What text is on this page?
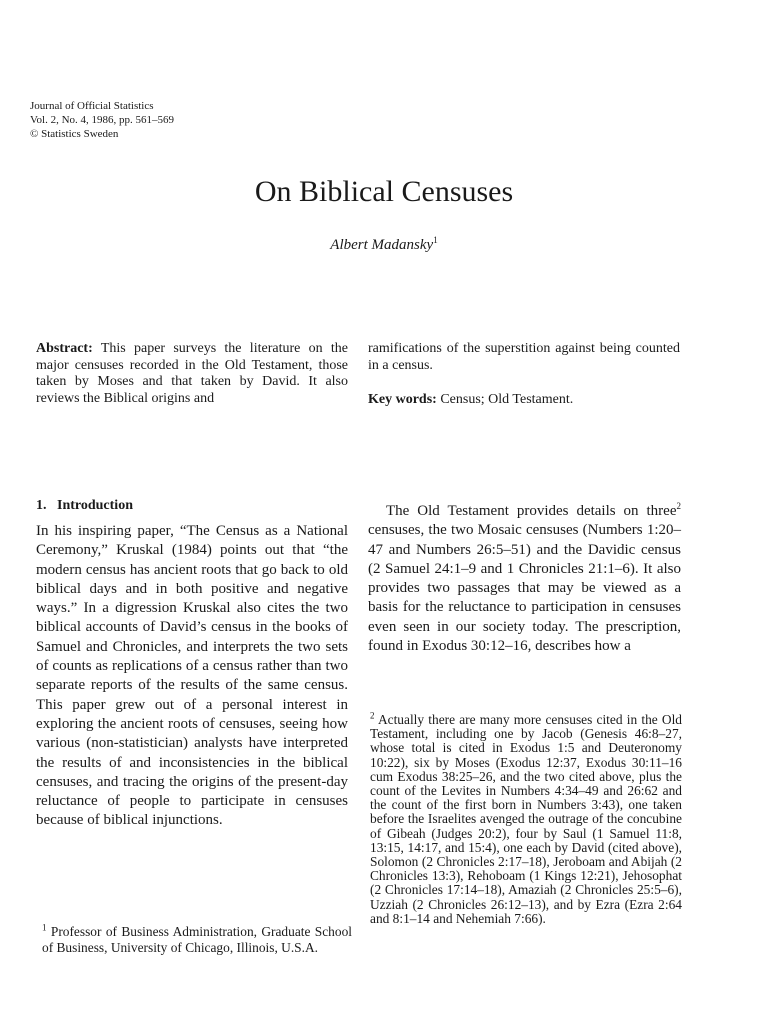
Journal of Official Statistics
Vol. 2, No. 4, 1986, pp. 561–569
© Statistics Sweden
On Biblical Censuses
Albert Madansky$^1$
Abstract: This paper surveys the literature on the major censuses recorded in the Old Testament, those taken by Moses and that taken by David. It also reviews the Biblical origins and
ramifications of the superstition against being counted in a census.
Key words: Census; Old Testament.
1. Introduction
In his inspiring paper, “The Census as a National Ceremony,” Kruskal (1984) points out that “the modern census has ancient roots that go back to old biblical days and in both positive and negative ways.” In a digression Kruskal also cites the two biblical accounts of David’s census in the books of Samuel and Chronicles, and interprets the two sets of counts as replications of a census rather than two separate reports of the results of the same census. This paper grew out of a personal interest in exploring the ancient roots of censuses, seeing how various (non-statistician) analysts have interpreted the results of and inconsistencies in the biblical censuses, and tracing the origins of the present-day reluctance of people to participate in censuses because of biblical injunctions.
The Old Testament provides details on three$^2$ censuses, the two Mosaic censuses (Numbers 1:20–47 and Numbers 26:5–51) and the Davidic census (2 Samuel 24:1–9 and 1 Chronicles 21:1–6). It also provides two passages that may be viewed as a basis for the reluctance to participation in censuses even seen in our society today. The prescription, found in Exodus 30:12–16, describes how a
$^2$ Actually there are many more censuses cited in the Old Testament, including one by Jacob (Genesis 46:8–27, whose total is cited in Exodus 1:5 and Deuteronomy 10:22), six by Moses (Exodus 12:37, Exodus 30:11–16 cum Exodus 38:25–26, and the two cited above, plus the count of the Levites in Numbers 4:34–49 and 26:62 and the count of the first born in Numbers 3:43), one taken before the Israelites avenged the outrage of the concubine of Gibeah (Judges 20:2), four by Saul (1 Samuel 11:8, 13:15, 14:17, and 15:4), one each by David (cited above), Solomon (2 Chronicles 2:17–18), Jeroboam and Abijah (2 Chronicles 13:3), Rehoboam (1 Kings 12:21), Jehosophat (2 Chronicles 17:14–18), Amaziah (2 Chronicles 25:5–6), Uzziah (2 Chronicles 26:12–13), and by Ezra (Ezra 2:64 and 8:1–14 and Nehemiah 7:66).
$^1$ Professor of Business Administration, Graduate School of Business, University of Chicago, Illinois, U.S.A.
